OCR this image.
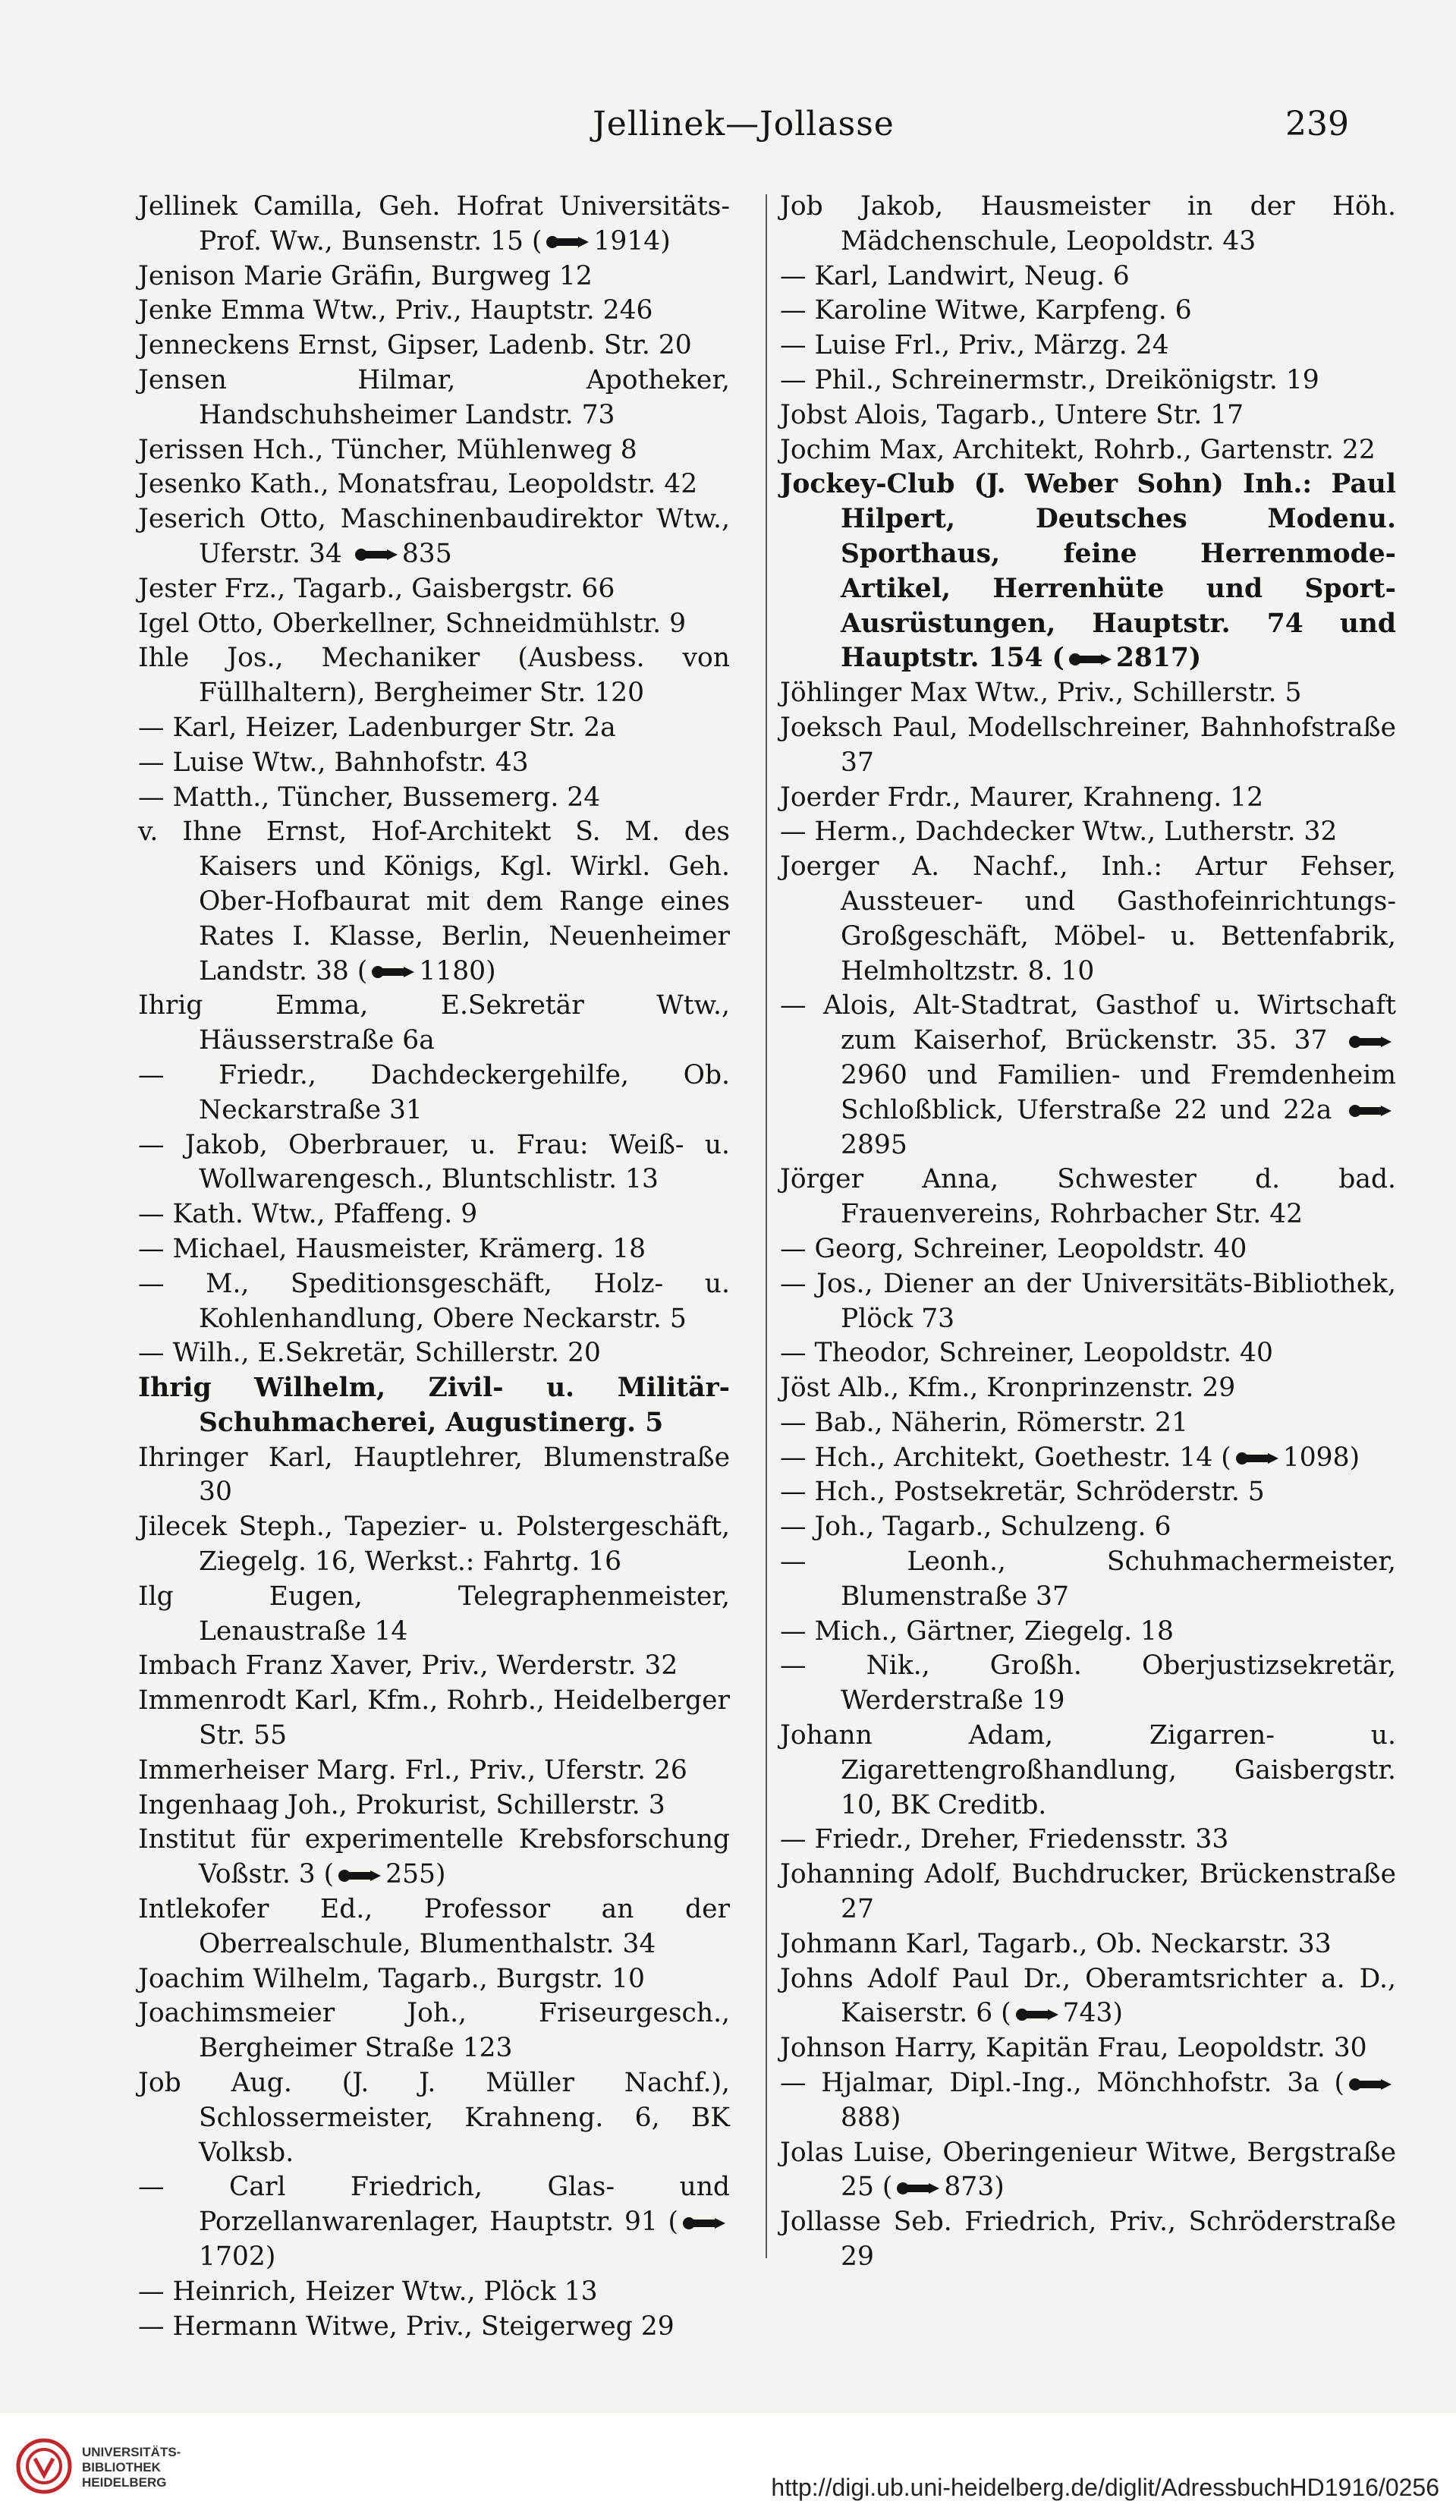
Jellinek—Jollasse	239
Jellinek Camilla, Geh. Hofrat Universitäts-Prof. Ww., Bunsenstr. 15 ( 1914)
Jenison Marie Gräfin, Burgweg 12
Jenke Emma Wtw., Priv., Hauptstr. 246
Jenneckens Ernst, Gipser, Ladenb. Str. 20
Jensen Hilmar, Apotheker, Handschuhsheimer Landstr. 73
Jerissen Hch., Tüncher, Mühlenweg 8
Jesenko Kath., Monatsfrau, Leopoldstr. 42
Jeserich Otto, Maschinenbaudirektor Wtw., Uferstr. 34 835
Jester Frz., Tagarb., Gaisbergstr. 66
Igel Otto, Oberkellner, Schneidmühlstr. 9
Ihle Jos., Mechaniker (Ausbess. von Füllhaltern), Bergheimer Str. 120
— Karl, Heizer, Ladenburger Str. 2a
— Luise Wtw., Bahnhofstr. 43
— Matth., Tüncher, Bussemerg. 24
v. Ihne Ernst, Hof-Architekt S. M. des Kaisers und Königs, Kgl. Wirkl. Geh. Ober-Hofbaurat mit dem Range eines Rates I. Klasse, Berlin, Neuenheimer Landstr. 38 ( 1180)
Ihrig Emma, E.Sekretär Wtw., Häusserstraße 6a
— Friedr., Dachdeckergehilfe, Ob. Neckarstraße 31
— Jakob, Oberbrauer, u. Frau: Weiß- u. Wollwarengesch., Bluntschlistr. 13
— Kath. Wtw., Pfaffeng. 9
— Michael, Hausmeister, Krämerg. 18
— M., Speditionsgeschäft, Holz- u. Kohlenhandlung, Obere Neckarstr. 5
— Wilh., E.Sekretär, Schillerstr. 20
Ihrig Wilhelm, Zivil- u. Militär-Schuhmacherei, Augustinerg. 5
Ihringer Karl, Hauptlehrer, Blumenstraße 30
Jilecek Steph., Tapezier- u. Polstergeschäft, Ziegelg. 16, Werkst.: Fahrtg. 16
Ilg Eugen, Telegraphenmeister, Lenaustraße 14
Imbach Franz Xaver, Priv., Werderstr. 32
Immenrodt Karl, Kfm., Rohrb., Heidelberger Str. 55
Immerheiser Marg. Frl., Priv., Uferstr. 26
Ingenhaag Joh., Prokurist, Schillerstr. 3
Institut für experimentelle Krebsforschung Voßstr. 3 ( 255)
Intlekofer Ed., Professor an der Oberrealschule, Blumenthalstr. 34
Joachim Wilhelm, Tagarb., Burgstr. 10
Joachimsmeier Joh., Friseurgesch., Bergheimer Straße 123
Job Aug. (J. J. Müller Nachf.), Schlossermeister, Krahneng. 6, BK Volksb.
— Carl Friedrich, Glas- und Porzellanwarenlager, Hauptstr. 91 (1702)
— Heinrich, Heizer Wtw., Plöck 13
— Hermann Witwe, Priv., Steigerweg 29
Job Jakob, Hausmeister in der Höh. Mädchenschule, Leopoldstr. 43
— Karl, Landwirt, Neug. 6
— Karoline Witwe, Karpfeng. 6
— Luise Frl., Priv., Märzg. 24
— Phil., Schreinermstr., Dreikönigstr. 19
Jobst Alois, Tagarb., Untere Str. 17
Jochim Max, Architekt, Rohrb., Gartenstr. 22
Jockey-Club (J. Weber Sohn) Inh.: Paul Hilpert, Deutsches Modenu. Sporthaus, feine Herrenmode-Artikel, Herrenhüte und Sport-Ausrüstungen, Hauptstr. 74 und Hauptstr. 154 ( 2817)
Jöhlinger Max Wtw., Priv., Schillerstr. 5
Joeksch Paul, Modellschreiner, Bahnhofstraße 37
Joerder Frdr., Maurer, Krahneng. 12
— Herm., Dachdecker Wtw., Lutherstr. 32
Joerger A. Nachf., Inh.: Artur Fehser, Aussteuer- und Gasthofeinrichtungs-Großgeschäft, Möbel- u. Bettenfabrik, Helmholtzstr. 8. 10
— Alois, Alt-Stadtrat, Gasthof u. Wirtschaft zum Kaiserhof, Brückenstr. 35. 37 2960 und Familien- und Fremdenheim Schloßblick, Uferstraße 22 und 22a 2895
Jörger Anna, Schwester d. bad. Frauenvereins, Rohrbacher Str. 42
— Georg, Schreiner, Leopoldstr. 40
— Jos., Diener an der Universitäts-Bibliothek, Plöck 73
— Theodor, Schreiner, Leopoldstr. 40
Jöst Alb., Kfm., Kronprinzenstr. 29
— Bab., Näherin, Römerstr. 21
— Hch., Architekt, Goethestr. 14 ( 1098)
— Hch., Postsekretär, Schröderstr. 5
— Joh., Tagarb., Schulzeng. 6
— Leonh., Schuhmachermeister, Blumenstraße 37
— Mich., Gärtner, Ziegelg. 18
— Nik., Großh. Oberjustizsekretär, Werderstraße 19
Johann Adam, Zigarren- u. Zigarettengroßhandlung, Gaisbergstr. 10, BK Creditb.
— Friedr., Dreher, Friedensstr. 33
Johanning Adolf, Buchdrucker, Brückenstraße 27
Johmann Karl, Tagarb., Ob. Neckarstr. 33
Johns Adolf Paul Dr., Oberamtsrichter a. D., Kaiserstr. 6 ( 743)
Johnson Harry, Kapitän Frau, Leopoldstr. 30
— Hjalmar, Dipl.-Ing., Mönchhofstr. 3a (888)
Jolas Luise, Oberingenieur Witwe, Bergstraße 25 ( 873)
Jollasse Seb. Friedrich, Priv., Schröderstraße 29
UNIVERSITÄTS-
BIBLIOTHEK
HEIDELBERG	http://digi.ub.uni-heidelberg.de/diglit/AdressbuchHD1916/0256
